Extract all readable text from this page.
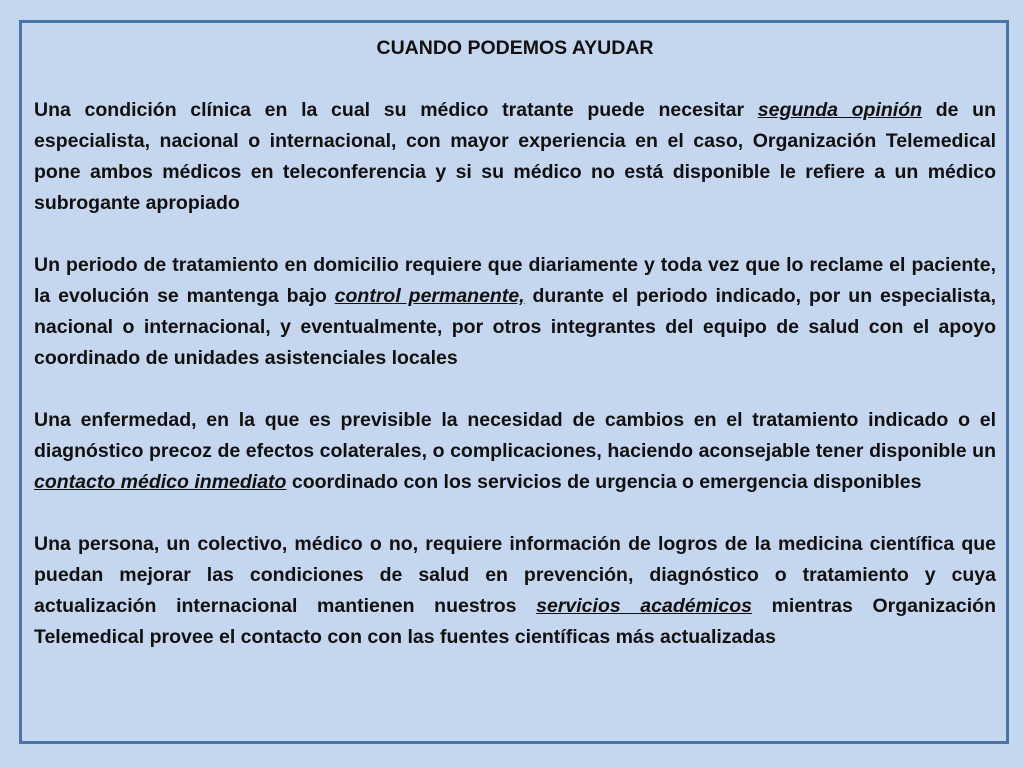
CUANDO PODEMOS AYUDAR

Una condición clínica en la cual su médico tratante puede necesitar segunda opinión de un especialista, nacional o internacional, con mayor experiencia en el caso, Organización Telemedical pone ambos médicos en teleconferencia y si su médico no está disponible le refiere a un médico subrogante apropiado

Un periodo de tratamiento en domicilio requiere que diariamente y toda vez que lo reclame el paciente, la evolución se mantenga bajo control permanente, durante el periodo indicado, por un especialista, nacional o internacional, y eventualmente, por otros integrantes del equipo de salud con el apoyo coordinado de unidades asistenciales locales

Una enfermedad, en la que es previsible la necesidad de cambios en el tratamiento indicado o el diagnóstico precoz de efectos colaterales, o complicaciones, haciendo aconsejable tener disponible un contacto médico inmediato coordinado con los servicios de urgencia o emergencia disponibles

Una persona, un colectivo, médico o no, requiere información de logros de la medicina científica que puedan mejorar las condiciones de salud en prevención, diagnóstico o tratamiento y cuya actualización internacional mantienen nuestros servicios académicos mientras Organización Telemedical provee el contacto con con las fuentes científicas más actualizadas
